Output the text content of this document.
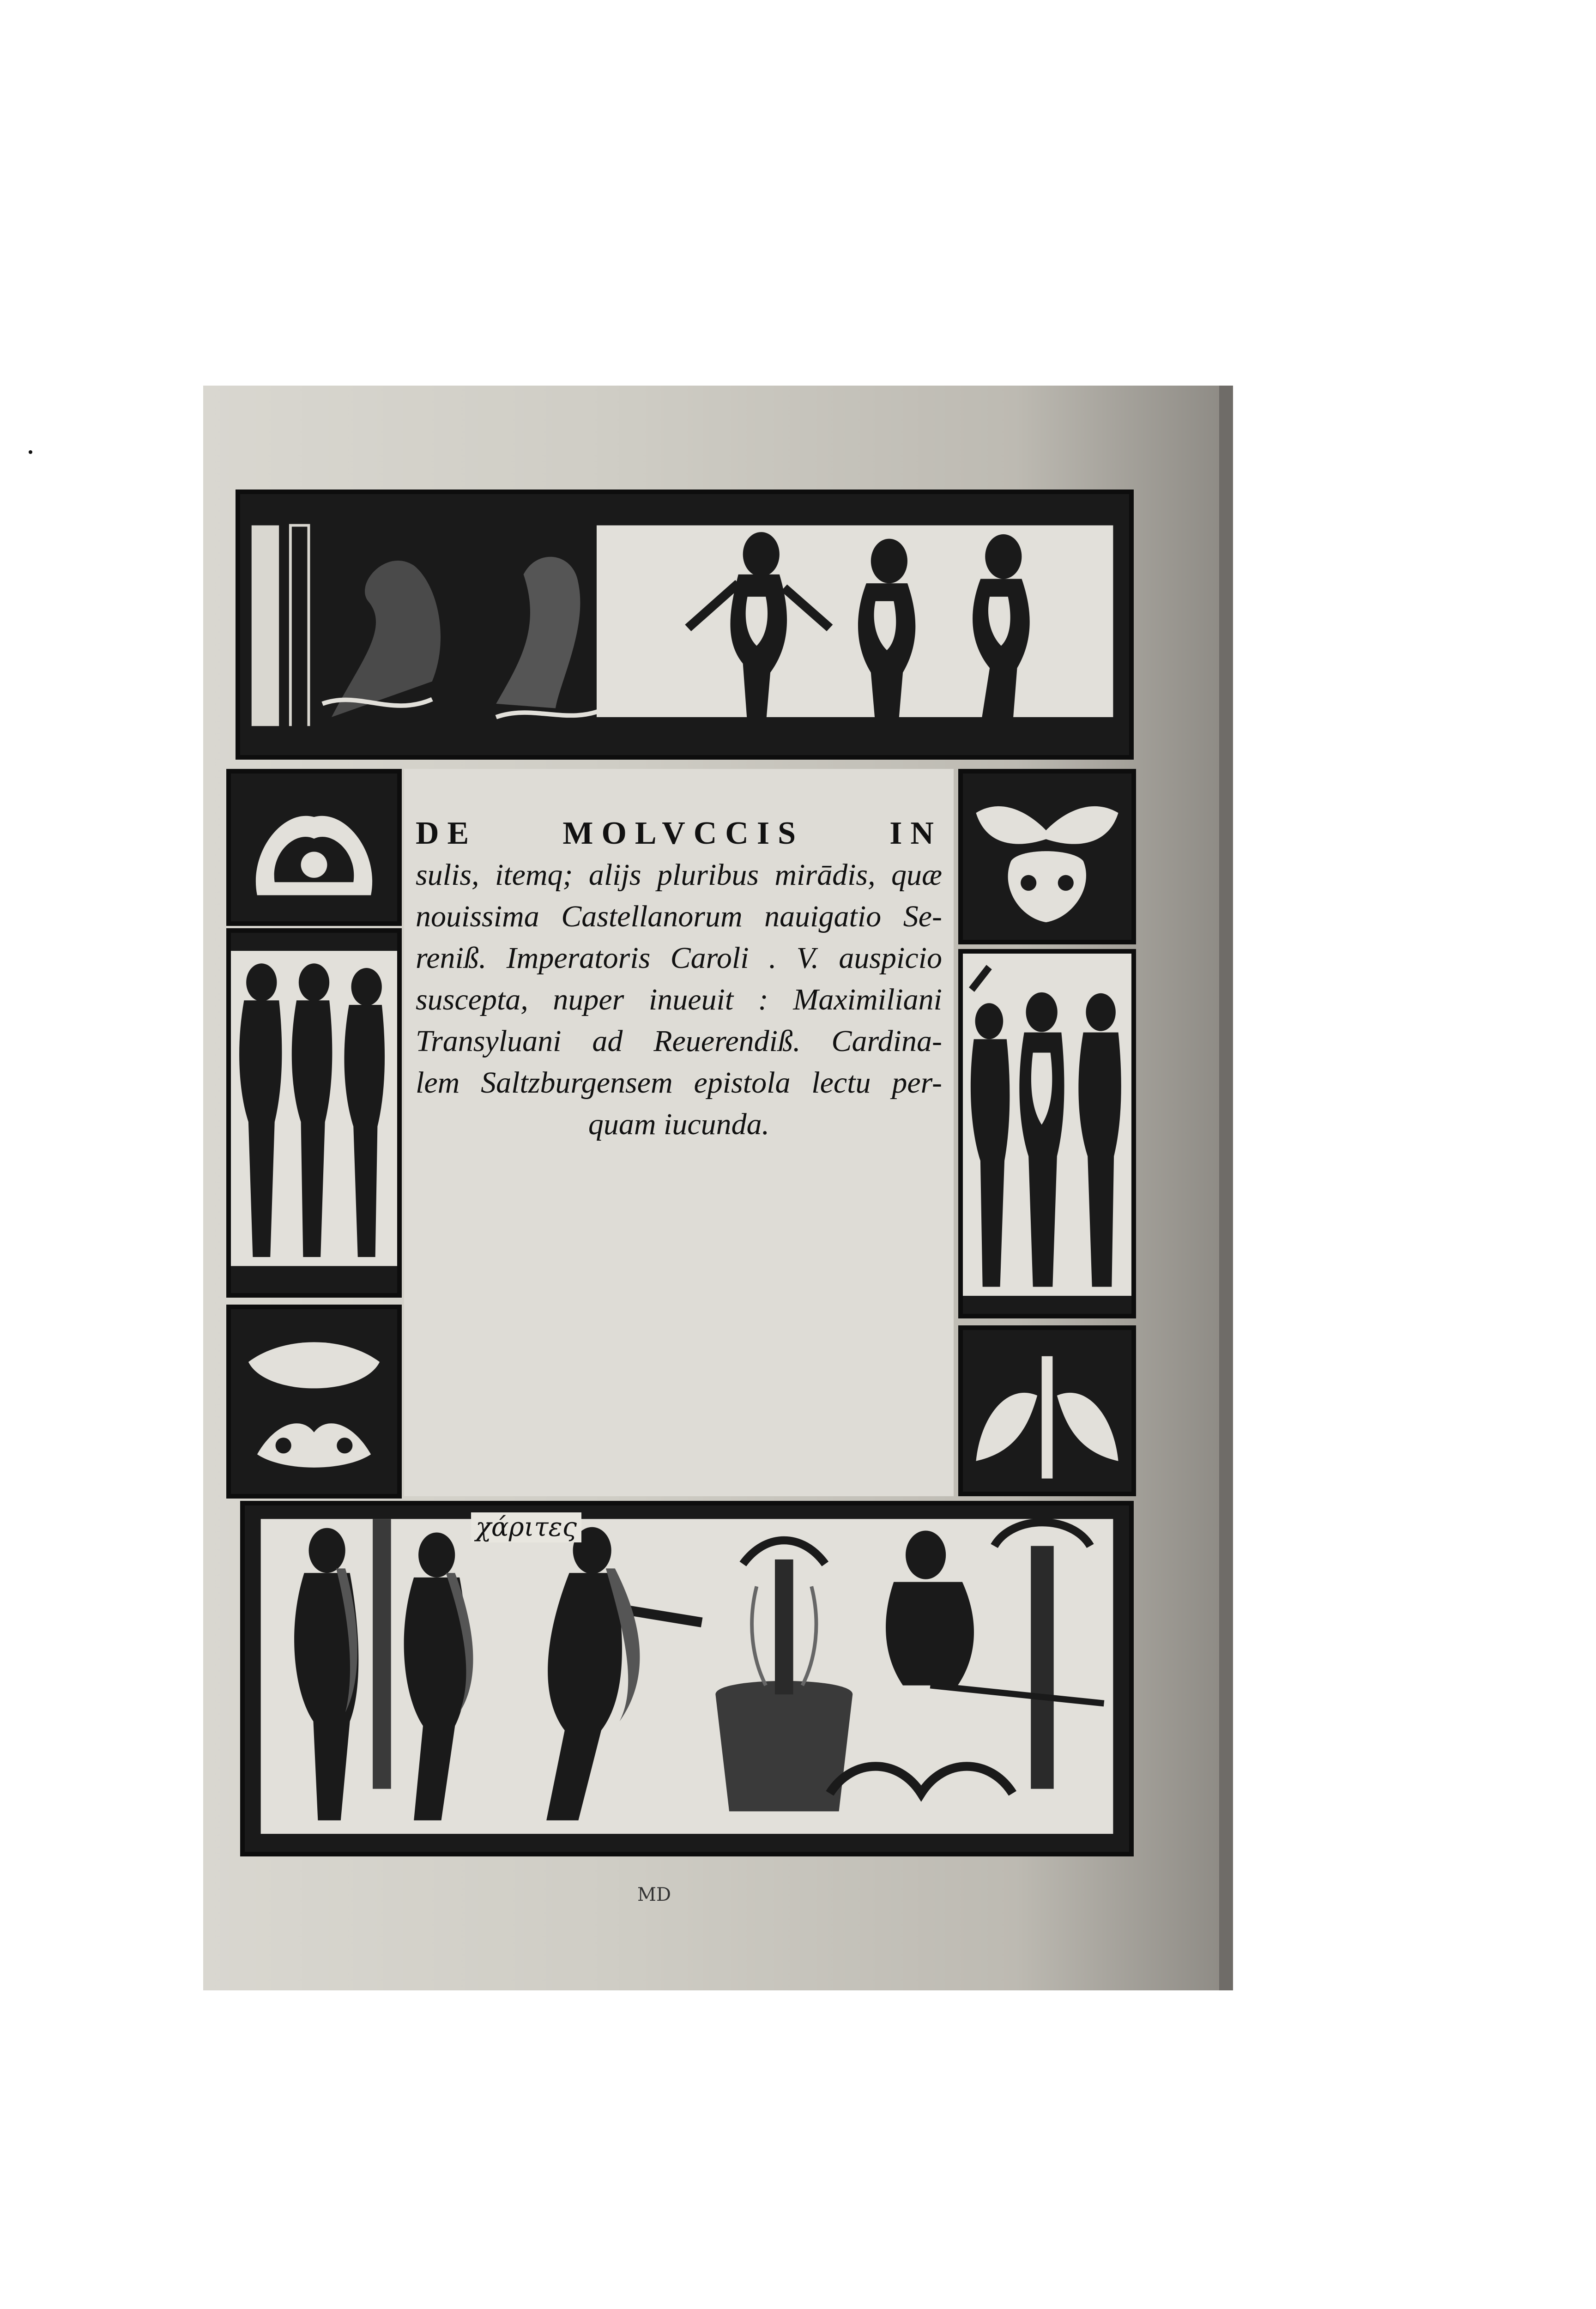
DE MOLVCCIS IN
sulis, itemq; alijs pluribus mirādis, quæ
nouissima Castellanorum nauigatio Se-
reniß. Imperatoris Caroli . V. auspicio
suscepta, nuper inueuit : Maximiliani
Transyluani ad Reuerendiß. Cardina-
lem Saltzburgensem epistola lectu per-
quam iucunda.
χάριτες
MD
